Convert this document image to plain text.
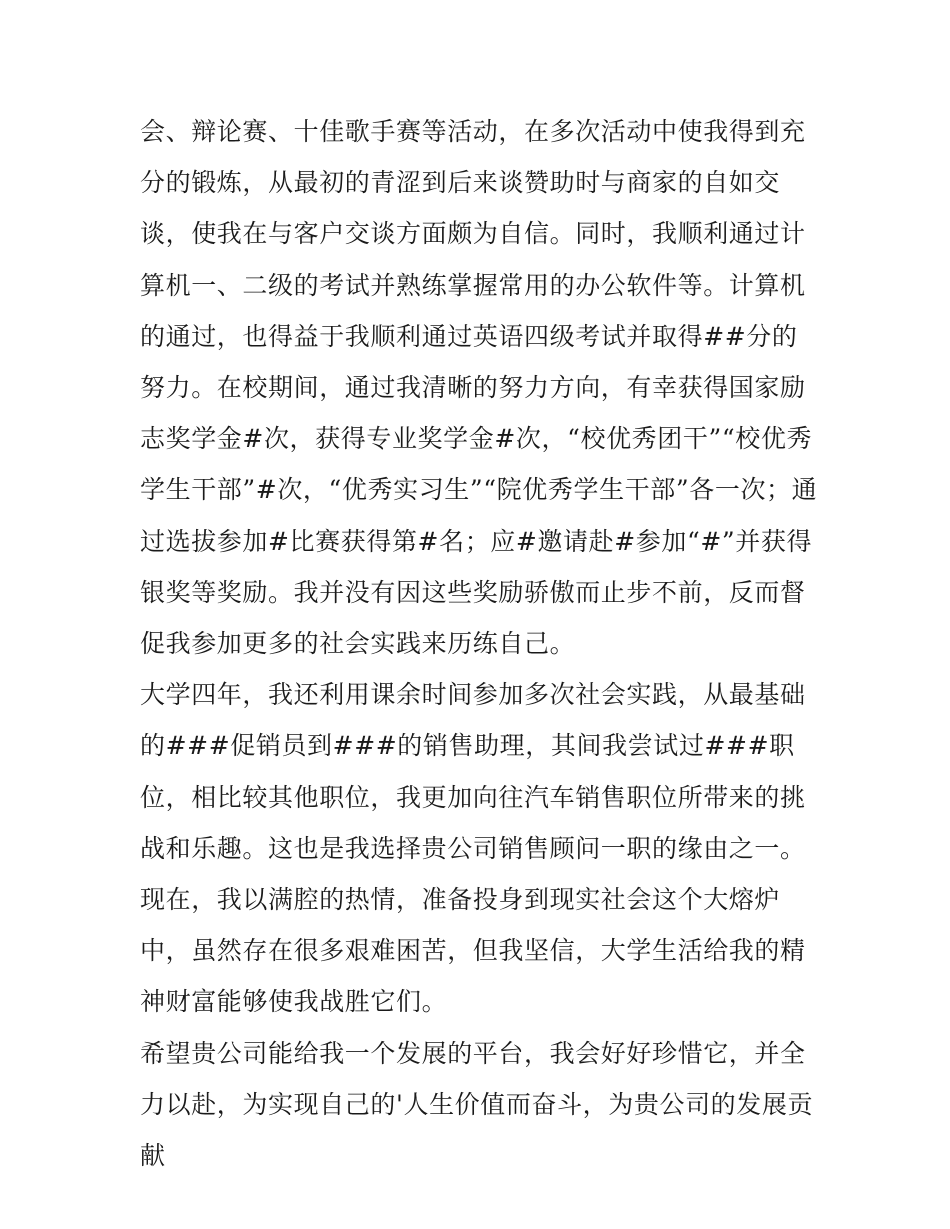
会、辩论赛、十佳歌手赛等活动，在多次活动中使我得到充分的锻炼，从最初的青涩到后来谈赞助时与商家的自如交谈，使我在与客户交谈方面颇为自信。同时，我顺利通过计算机一、二级的考试并熟练掌握常用的办公软件等。计算机的通过，也得益于我顺利通过英语四级考试并取得##分的努力。在校期间，通过我清晰的努力方向，有幸获得国家励志奖学金#次，获得专业奖学金#次，“校优秀团干”“校优秀学生干部”#次，“优秀实习生”“院优秀学生干部”各一次；通过选拔参加#比赛获得第#名；应#邀请赴#参加“#”并获得银奖等奖励。我并没有因这些奖励骄傲而止步不前，反而督促我参加更多的社会实践来历练自己。

大学四年，我还利用课余时间参加多次社会实践，从最基础的###促销员到###的销售助理，其间我尝试过###职位，相比较其他职位，我更加向往汽车销售职位所带来的挑战和乐趣。这也是我选择贵公司销售顾问一职的缘由之一。

现在，我以满腔的热情，准备投身到现实社会这个大熔炉中，虽然存在很多艰难困苦，但我坚信，大学生活给我的精神财富能够使我战胜它们。

希望贵公司能给我一个发展的平台，我会好好珍惜它，并全力以赴，为实现自己的'人生价值而奋斗，为贵公司的发展贡献
